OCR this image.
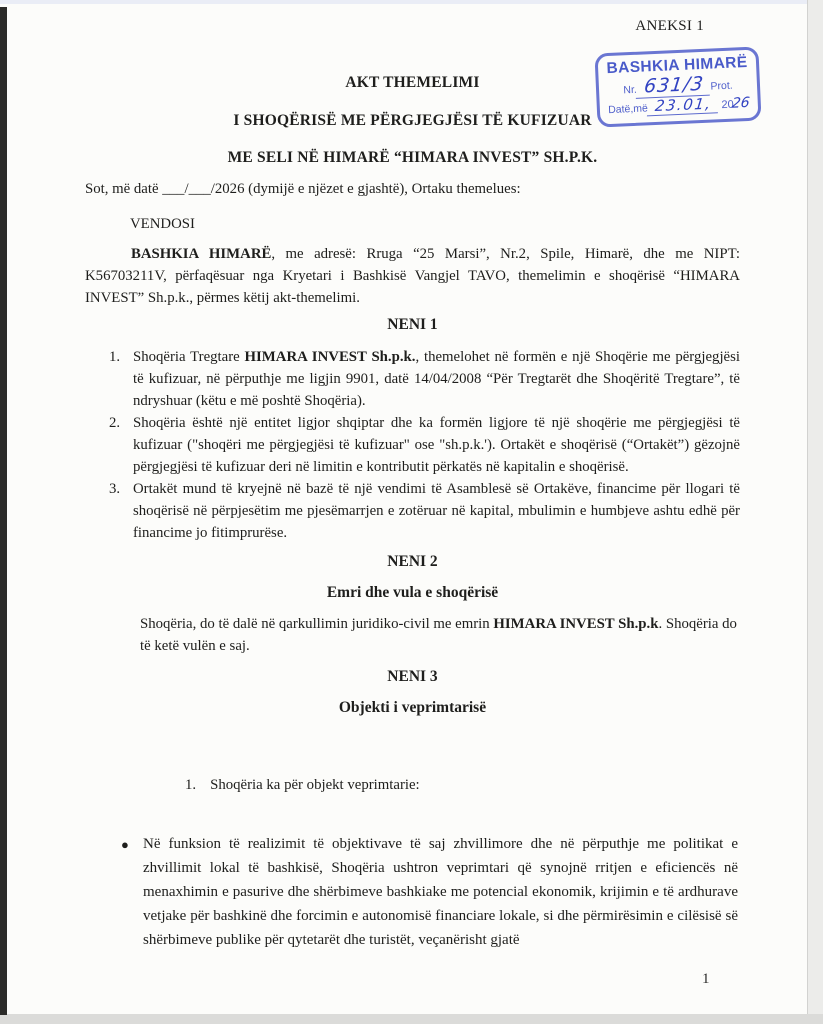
ANEKSI 1
AKT THEMELIMI
I SHOQËRISË ME PËRGJEGJËSI TË KUFIZUAR
ME SELI NË HIMARË “HIMARA INVEST” SH.P.K.

Sot, më datë ___/___/2026 (dymijë e njëzet e gjashtë), Ortaku themelues:

VENDOSI

BASHKIA HIMARË, me adresë: Rruga “25 Marsi”, Nr.2, Spile, Himarë, dhe me NIPT: K56703211V, përfaqësuar nga Kryetari i Bashkisë Vangjel TAVO, themelimin e shoqërisë “HIMARA INVEST” Sh.p.k., përmes këtij akt-themelimi.

NENI 1
1. Shoqëria Tregtare HIMARA INVEST Sh.p.k., themelohet në formën e një Shoqërie me përgjegjësi të kufizuar, në përputhje me ligjin 9901, datë 14/04/2008 “Për Tregtarët dhe Shoqëritë Tregtare”, të ndryshuar (këtu e më poshtë Shoqëria).
2. Shoqëria është një entitet ligjor shqiptar dhe ka formën ligjore të një shoqërie me përgjegjësi të kufizuar ("shoqëri me përgjegjësi të kufizuar" ose "sh.p.k.'). Ortakët e shoqërisë (“Ortakët”) gëzojnë përgjegjësi të kufizuar deri në limitin e kontributit përkatës në kapitalin e shoqërisë.
3. Ortakët mund të kryejnë në bazë të një vendimi të Asamblesë së Ortakëve, financime për llogari të shoqërisë në përpjesëtim me pjesëmarrjen e zotëruar në kapital, mbulimin e humbjeve ashtu edhë për financime jo fitimprurëse.
NENI 2
Emri dhe vula e shoqërisë

Shoqëria, do të dalë në qarkullimin juridiko-civil me emrin HIMARA INVEST Sh.p.k. Shoqëria do të ketë vulën e saj.

NENI 3
Objekti i veprimtarisë

1. Shoqëria ka për objekt veprimtarie:

● Në funksion të realizimit të objektivave të saj zhvillimore dhe në përputhje me politikat e zhvillimit lokal të bashkisë, Shoqëria ushtron veprimtari që synojnë rritjen e eficiencës në menaxhimin e pasurive dhe shërbimeve bashkiake me potencial ekonomik, krijimin e të ardhurave vetjake për bashkinë dhe forcimin e autonomisë financiare lokale, si dhe përmirësimin e cilësisë së shërbimeve publike për qytetarët dhe turistët, veçanërisht gjatë
BASHKIA HIMARË
Nr. 631/3 Prot.
Datë,më 23.01, 20
26
1
